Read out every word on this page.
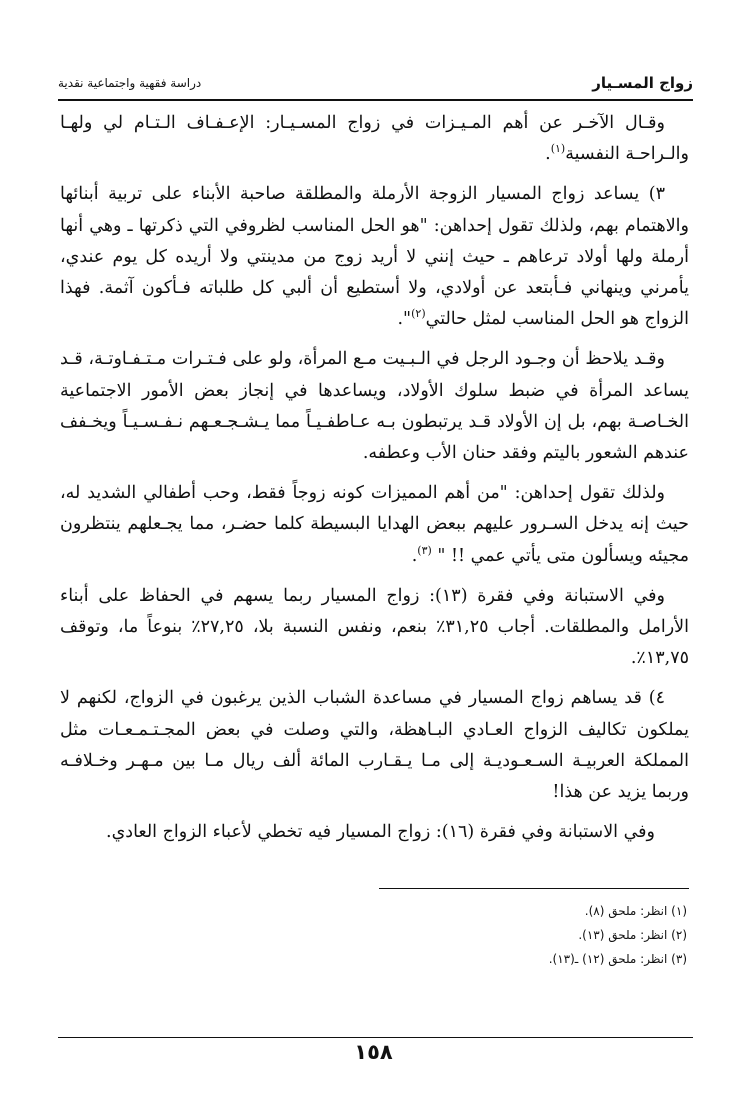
زواج المسـيار
دراسة فقهية واجتماعية نقدية

وقـال الآخـر عن أهم المـيـزات في زواج المسـيـار: الإعـفـاف الـتـام لي ولهـا والـراحـة النفسية$^{(١)}$.

٣) يساعد زواج المسيار الزوجة الأرملة والمطلقة صاحبة الأبناء على تربية أبنائها والاهتمام بهم، ولذلك تقول إحداهن: "هو الحل المناسب لظروفي التي ذكرتها ـ وهي أنها أرملة ولها أولاد ترعاهم ـ حيث إنني لا أريد زوج من مدينتي ولا أريده كل يوم عندي، يأمرني وينهاني فـأبتعد عن أولادي، ولا أستطيع أن ألبي كل طلباته فـأكون آثمة. فهذا الزواج هو الحل المناسب لمثل حالتي$^{(٢)}$".

وقـد يلاحظ أن وجـود الرجل في الـبـيت مـع المرأة، ولو على فـتـرات مـتـفـاوتـة، قـد يساعد المرأة في ضبط سلوك الأولاد، ويساعدها في إنجاز بعض الأمور الاجتماعية الخـاصـة بهم، بل إن الأولاد قـد يرتبطون بـه عـاطفـيـاً مما يـشـجـعـهم نـفـسـيـاً ويخـفف عندهم الشعور باليتم وفقد حنان الأب وعطفه.

ولذلك تقول إحداهن: "من أهم المميزات كونه زوجاً فقط، وحب أطفالي الشديد له، حيث إنه يدخل السـرور عليهم ببعض الهدايا البسيطة كلما حضـر، مما يجـعلهم ينتظرون مجيئه ويسألون متى يأتي عمي !! " $^{(٣)}$.

وفي الاستبانة وفي فقرة (١٣): زواج المسيار ربما يسهم في الحفاظ على أبناء الأرامل والمطلقات. أجاب ٣١,٢٥٪ بنعم، ونفس النسبة بلا، ٢٧,٢٥٪ بنوعاً ما، وتوقف ١٣,٧٥٪.

٤) قد يساهم زواج المسيار في مساعدة الشباب الذين يرغبون في الزواج، لكنهم لا يملكون تكاليف الزواج العـادي البـاهظة، والتي وصلت في بعض المجـتـمـعـات مثل المملكة العربيـة السـعـوديـة إلى مـا يـقـارب المائة ألف ريال مـا بين مـهـر وخـلافـه وربما يزيد عن هذا!

وفي الاستبانة وفي فقرة (١٦): زواج المسيار فيه تخطي لأعباء الزواج العادي.

(١) انظر: ملحق (٨).

(٢) انظر: ملحق (١٣).

(٣) انظر: ملحق (١٢) ـ(١٣).

١٥٨
